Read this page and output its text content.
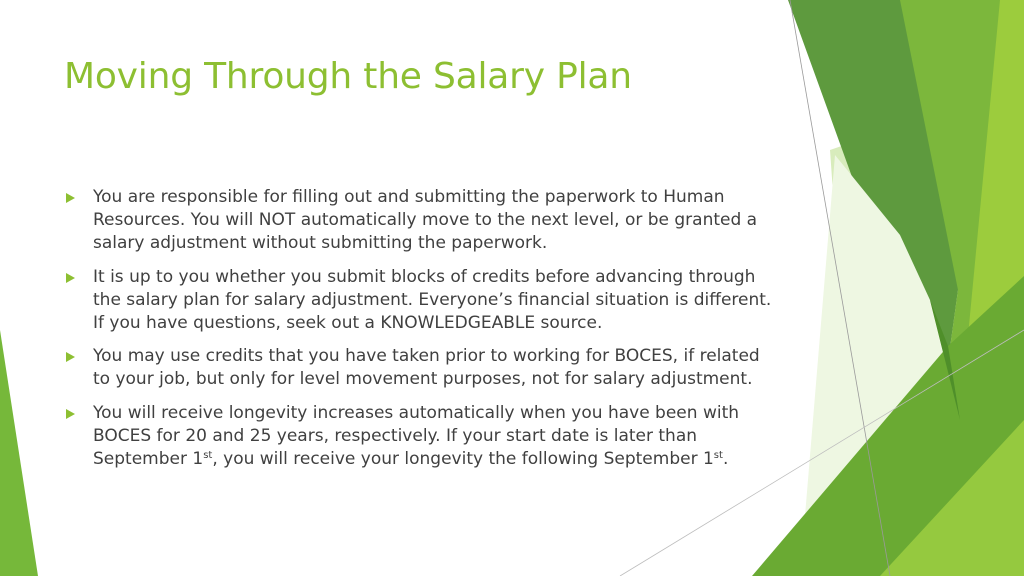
Moving Through the Salary Plan
You are responsible for filling out and submitting the paperwork to Human Resources. You will NOT automatically move to the next level, or be granted a salary adjustment without submitting the paperwork.
It is up to you whether you submit blocks of credits before advancing through the salary plan for salary adjustment. Everyone’s financial situation is different. If you have questions, seek out a KNOWLEDGEABLE source.
You may use credits that you have taken prior to working for BOCES, if related to your job, but only for level movement purposes, not for salary adjustment.
You will receive longevity increases automatically when you have been with BOCES for 20 and 25 years, respectively. If your start date is later than September 1st, you will receive your longevity the following September 1st.
